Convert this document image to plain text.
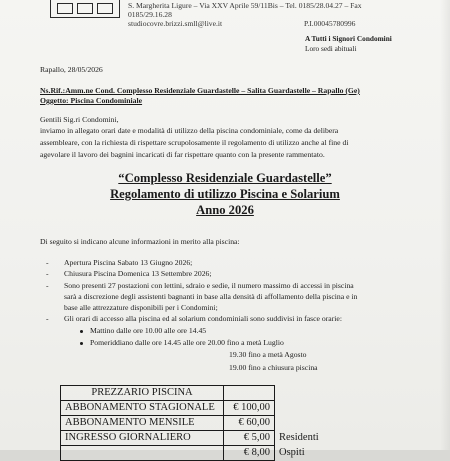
S. Margherita Ligure – Via XXV Aprile 59/11Bis – Tel. 0185/28.04.27 – Fax
0185/29.16.28
studiocovre.brizzi.smll@live.it	P.I.00045780996
A Tutti i Signori Condomini
Loro sedi abituali
Rapallo, 28/05/2026
Ns.Rif.:Amm.ne Cond. Complesso Residenziale Guardastelle – Salita Guardastelle – Rapallo (Ge)
Oggetto: Piscina Condominiale
Gentili Sig.ri Condomini,
inviamo in allegato orari date e modalità di utilizzo della piscina condominiale, come da delibera
assembleare, con la richiesta di rispettare scrupolosamente il regolamento di utilizzo anche al fine di
agevolare il lavoro dei bagnini incaricati di far rispettare quanto con la presente rammentato.
“Complesso Residenziale Guardastelle”
Regolamento di utilizzo Piscina e Solarium
Anno 2026
Di seguito si indicano alcune informazioni in merito alla piscina:
- Apertura Piscina Sabato 13 Giugno 2026;
- Chiusura Piscina Domenica 13 Settembre 2026;
- Sono presenti 27 postazioni con lettini, sdraio e sedie, il numero massimo di accessi in piscina
sarà a discrezione degli assistenti bagnanti in base alla densità di affollamento della piscina e in
base alle attrezzature disponibili per i Condomini;
- Gli orari di accesso alla piscina ed al solarium condominiali sono suddivisi in fasce orarie:
Mattino dalle ore 10.00 alle ore 14.45
Pomeriddiano dalle ore 14.45 alle ore 20.00 fino a metà Luglio
19.30 fino a metà Agosto
19.00 fino a chiusura piscina
PREZZARIO PISCINA		
ABBONAMENTO STAGIONALE	€ 100,00	
ABBONAMENTO MENSILE	€ 60,00	
INGRESSO GIORNALIERO	€ 5,00	Residenti
	€ 8,00	Ospiti
